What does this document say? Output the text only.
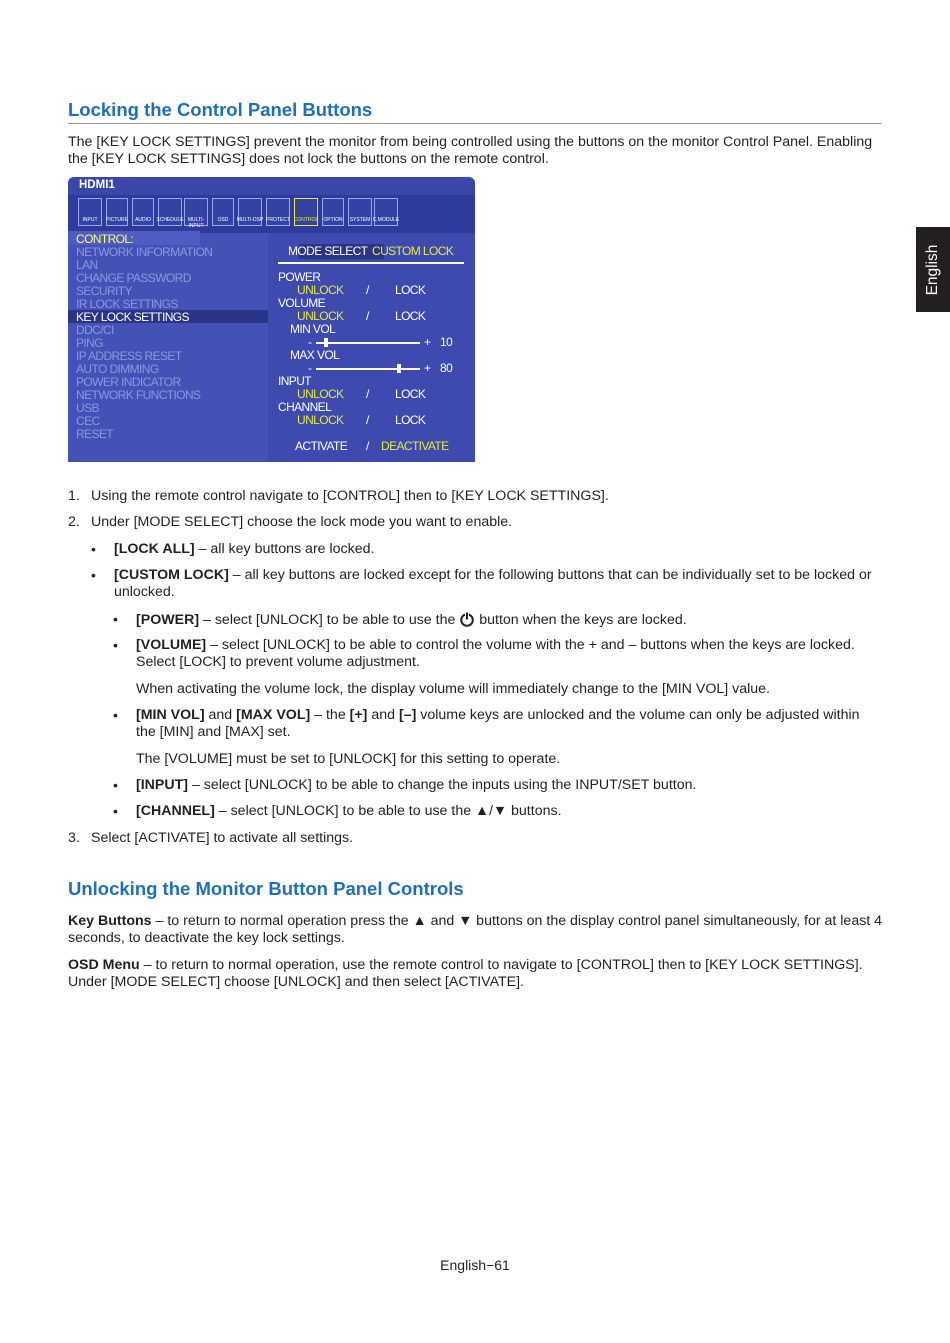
Locking the Control Panel Buttons
English
The [KEY LOCK SETTINGS] prevent the monitor from being controlled using the buttons on the monitor Control Panel. Enabling the [KEY LOCK SETTINGS] does not lock the buttons on the remote control.
HDMI1
INPUT	PICTURE	AUDIO	SCHEDULE MULTI-INPUT
OSD	MULTI-DSP PROTECT CONTROL	OPTION	SYSTEM C.MODULE
CONTROL:
NETWORK INFORMATION
LAN
CHANGE PASSWORD
SECURITY
IR LOCK SETTINGS
KEY LOCK SETTINGS
DDC/CI
PING
IP ADDRESS RESET
AUTO DIMMING
POWER INDICATOR
NETWORK FUNCTIONS
USB
CEC
RESET
MODE SELECT CUSTOM LOCK
POWER
UNLOCK / LOCK
VOLUME
UNLOCK / LOCK
MIN VOL
-	+ 10
MAX VOL
-	+ 80
INPUT
UNLOCK / LOCK
CHANNEL
UNLOCK / LOCK
ACTIVATE / DEACTIVATE
1. Using the remote control navigate to [CONTROL] then to [KEY LOCK SETTINGS].
2. Under [MODE SELECT] choose the lock mode you want to enable.
• [LOCK ALL] – all key buttons are locked.
• [CUSTOM LOCK] – all key buttons are locked except for the following buttons that can be individually set to be locked or unlocked.
• [POWER] – select [UNLOCK] to be able to use the  button when the keys are locked.
• [VOLUME] – select [UNLOCK] to be able to control the volume with the + and – buttons when the keys are locked. Select [LOCK] to prevent volume adjustment.
When activating the volume lock, the display volume will immediately change to the [MIN VOL] value.
• [MIN VOL] and [MAX VOL] – the [+] and [–] volume keys are unlocked and the volume can only be adjusted within the [MIN] and [MAX] set.
The [VOLUME] must be set to [UNLOCK] for this setting to operate.
• [INPUT] – select [UNLOCK] to be able to change the inputs using the INPUT/SET button.
• [CHANNEL] – select [UNLOCK] to be able to use the ▲/▼ buttons.
3. Select [ACTIVATE] to activate all settings.
Unlocking the Monitor Button Panel Controls
Key Buttons – to return to normal operation press the ▲ and ▼ buttons on the display control panel simultaneously, for at least 4 seconds, to deactivate the key lock settings.
OSD Menu – to return to normal operation, use the remote control to navigate to [CONTROL] then to [KEY LOCK SETTINGS]. Under [MODE SELECT] choose [UNLOCK] and then select [ACTIVATE].
English−61
